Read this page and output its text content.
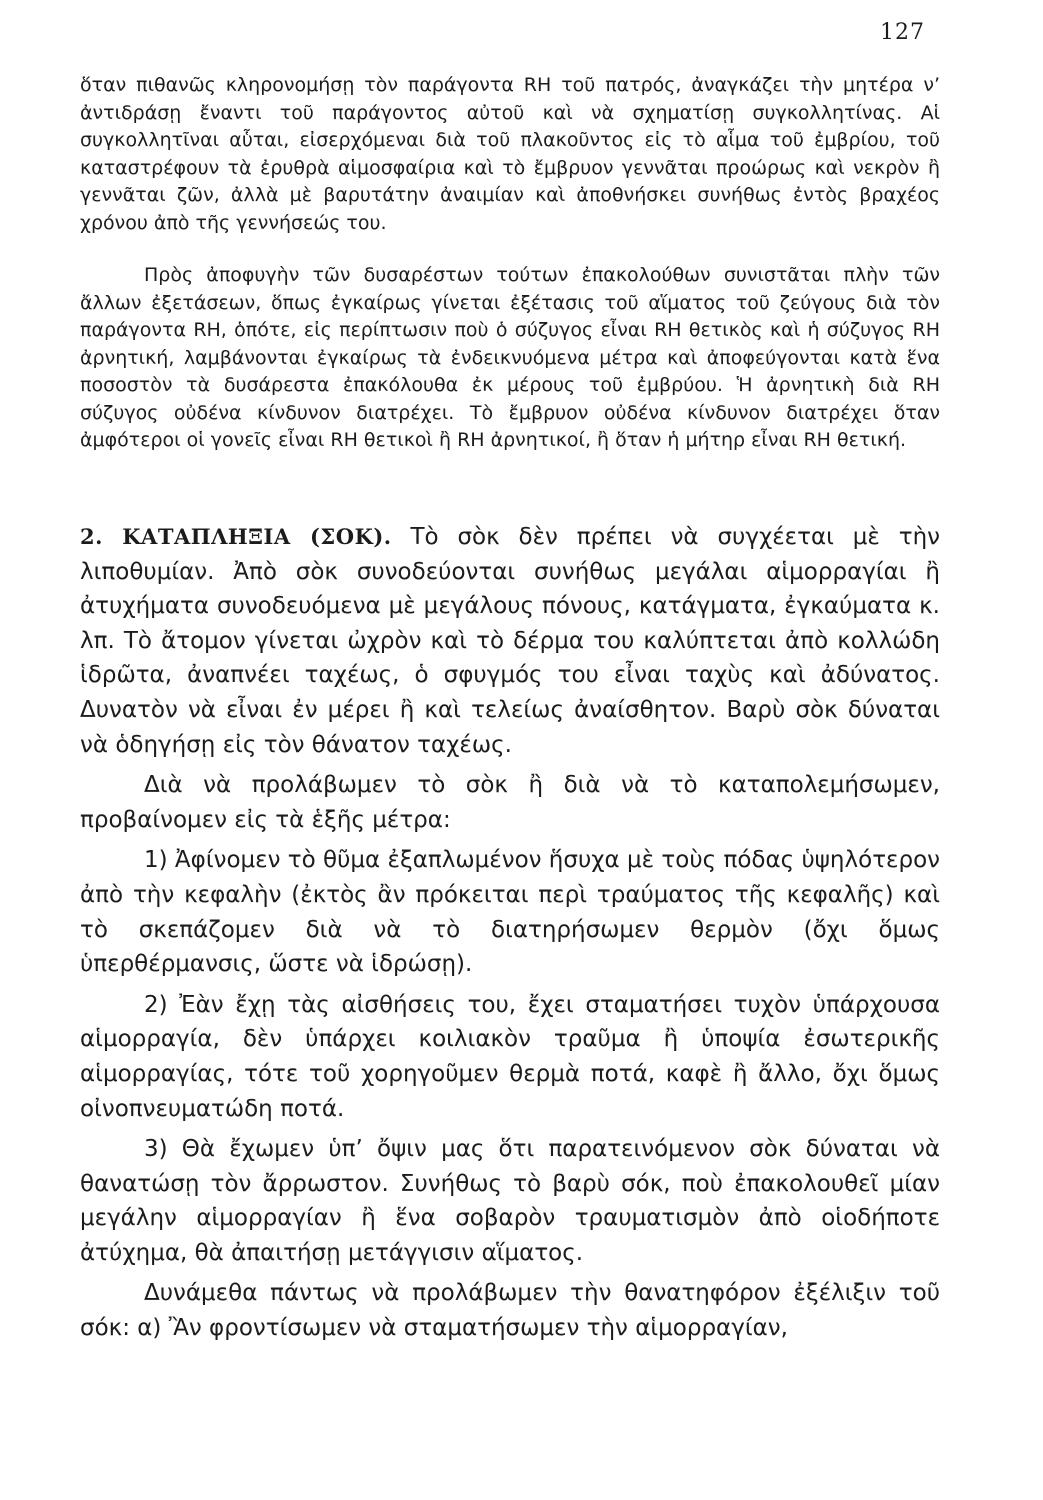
127

ὅταν πιθανῶς κληρονομήσῃ τὸν παράγοντα RH τοῦ πατρός, ἀναγκάζει τὴν μητέρα ν’ ἀντιδράσῃ ἔναντι τοῦ παράγοντος αὐτοῦ καὶ νὰ σχηματίσῃ συγκολλητίνας. Αἱ συγκολλητῖναι αὗται, εἰσερχόμεναι διὰ τοῦ πλακοῦντος εἰς τὸ αἷμα τοῦ ἐμβρίου, τοῦ καταστρέφουν τὰ ἐρυθρὰ αἱμοσφαίρια καὶ τὸ ἔμβρυον γεννᾶται προώρως καὶ νεκρὸν ἢ γεννᾶται ζῶν, ἀλλὰ μὲ βαρυτάτην ἀναιμίαν καὶ ἀποθνήσκει συνήθως ἐντὸς βραχέος χρόνου ἀπὸ τῆς γεννήσεώς του.

Πρὸς ἀποφυγὴν τῶν δυσαρέστων τούτων ἐπακολούθων συνιστᾶται πλὴν τῶν ἄλλων ἐξετάσεων, ὅπως ἐγκαίρως γίνεται ἐξέτασις τοῦ αἵματος τοῦ ζεύγους διὰ τὸν παράγοντα RH, ὁπότε, εἰς περίπτωσιν ποὺ ὁ σύζυγος εἶναι RH θετικὸς καὶ ἡ σύζυγος RH ἀρνητική, λαμβάνονται ἐγκαίρως τὰ ἐνδεικνυόμενα μέτρα καὶ ἀποφεύγονται κατὰ ἕνα ποσοστὸν τὰ δυσάρεστα ἐπακόλουθα ἐκ μέρους τοῦ ἐμβρύου. Ἡ ἀρνητικὴ διὰ RH σύζυγος οὐδένα κίνδυνον διατρέχει. Τὸ ἔμβρυον οὐδένα κίνδυνον διατρέχει ὅταν ἀμφότεροι οἱ γονεῖς εἶναι RH θετικοὶ ἢ RH ἀρνητικοί, ἢ ὅταν ἡ μήτηρ εἶναι RH θετική.

2. ΚΑΤΑΠΛΗΞΙΑ (ΣΟΚ). Τὸ σὸκ δὲν πρέπει νὰ συγχέεται μὲ τὴν λιποθυμίαν. Ἀπὸ σὸκ συνοδεύονται συνήθως μεγάλαι αἱμορραγίαι ἢ ἀτυχήματα συνοδευόμενα μὲ μεγάλους πόνους, κατάγματα, ἐγκαύματα κ. λπ. Τὸ ἄτομον γίνεται ὠχρὸν καὶ τὸ δέρμα του καλύπτεται ἀπὸ κολλώδη ἱδρῶτα, ἀναπνέει ταχέως, ὁ σφυγμός του εἶναι ταχὺς καὶ ἀδύνατος. Δυνατὸν νὰ εἶναι ἐν μέρει ἢ καὶ τελείως ἀναίσθητον. Βαρὺ σὸκ δύναται νὰ ὁδηγήσῃ εἰς τὸν θάνατον ταχέως.

Διὰ νὰ προλάβωμεν τὸ σὸκ ἢ διὰ νὰ τὸ καταπολεμήσωμεν, προβαίνομεν εἰς τὰ ἑξῆς μέτρα:

1) Ἀφίνομεν τὸ θῦμα ἐξαπλωμένον ἥσυχα μὲ τοὺς πόδας ὑψηλότερον ἀπὸ τὴν κεφαλὴν (ἐκτὸς ἂν πρόκειται περὶ τραύματος τῆς κεφαλῆς) καὶ τὸ σκεπάζομεν διὰ νὰ τὸ διατηρήσωμεν θερμὸν (ὄχι ὅμως ὑπερθέρμανσις, ὥστε νὰ ἱδρώσῃ).

2) Ἐὰν ἔχῃ τὰς αἰσθήσεις του, ἔχει σταματήσει τυχὸν ὑπάρχουσα αἱμορραγία, δὲν ὑπάρχει κοιλιακὸν τραῦμα ἢ ὑποψία ἐσωτερικῆς αἱμορραγίας, τότε τοῦ χορηγοῦμεν θερμὰ ποτά, καφὲ ἢ ἄλλο, ὄχι ὅμως οἰνοπνευματώδη ποτά.

3) Θὰ ἔχωμεν ὑπ’ ὄψιν μας ὅτι παρατεινόμενον σὸκ δύναται νὰ θανατώσῃ τὸν ἄρρωστον. Συνήθως τὸ βαρὺ σόκ, ποὺ ἐπακολουθεῖ μίαν μεγάλην αἱμορραγίαν ἢ ἕνα σοβαρὸν τραυματισμὸν ἀπὸ οἱοδήποτε ἀτύχημα, θὰ ἀπαιτήσῃ μετάγγισιν αἵματος.

Δυνάμεθα πάντως νὰ προλάβωμεν τὴν θανατηφόρον ἐξέλιξιν τοῦ σόκ: α) Ἂν φροντίσωμεν νὰ σταματήσωμεν τὴν αἱμορραγίαν,
